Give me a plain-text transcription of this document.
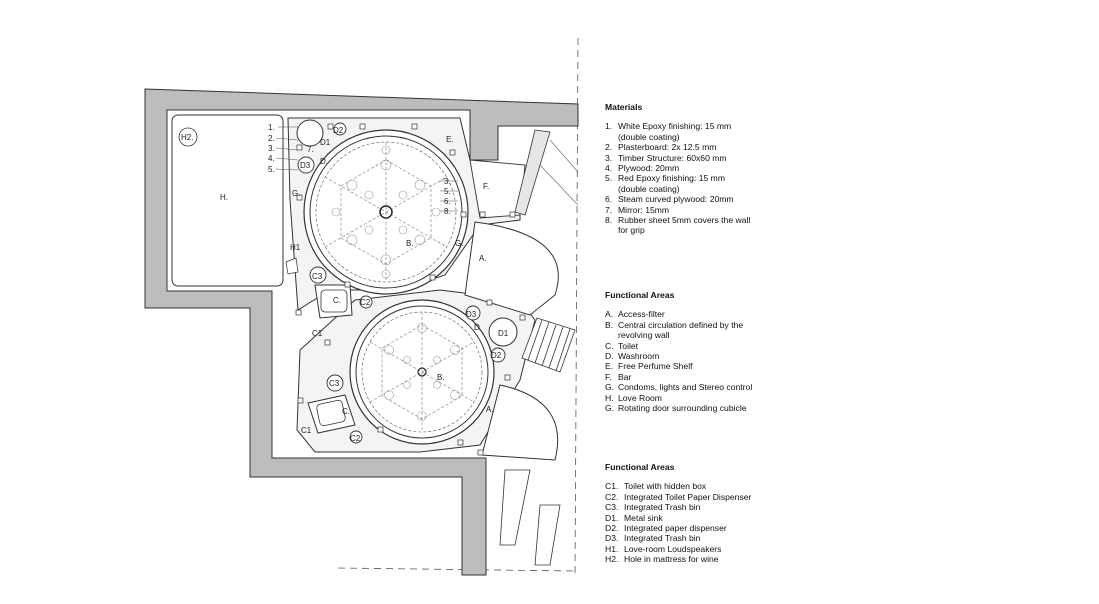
H2.
H.
H1
1.
2.
3.
4.
5.
D1
D2
D3
7.
D.
G.
E.
F.
3.
5.
6.
8.
B.	G.
A.
C3
C. C2
C1
D3
D
D1
D2
B.
C3
C.
C1
C2
A.
Materials
1. White Epoxy finishing: 15 mm (double coating)
2. Plasterboard: 2x 12.5 mm
3. Timber Structure: 60x60 mm
4. Plywood: 20mm
5. Red Epoxy finishing: 15 mm (double coating)
6. Steam curved plywood: 20mm
7. Mirror: 15mm
8. Rubber sheet 5mm covers the wall for grip
Functional Areas
A. Access-filter
B. Central circulation defined by the revolving wall
C. Toilet
D. Washroom
E. Free Perfume Shelf
F. Bar
G. Condoms, lights and Stereo control
H. Love Room
G. Rotating door surrounding cubicle
Functional Areas
C1. Toilet with hidden box
C2. Integrated Toilet Paper Dispenser
C3. Integrated Trash bin
D1. Metal sink
D2. Integrated paper dispenser
D3. Integrated Trash bin
H1. Love-room Loudspeakers
H2. Hole in mattress for wine
